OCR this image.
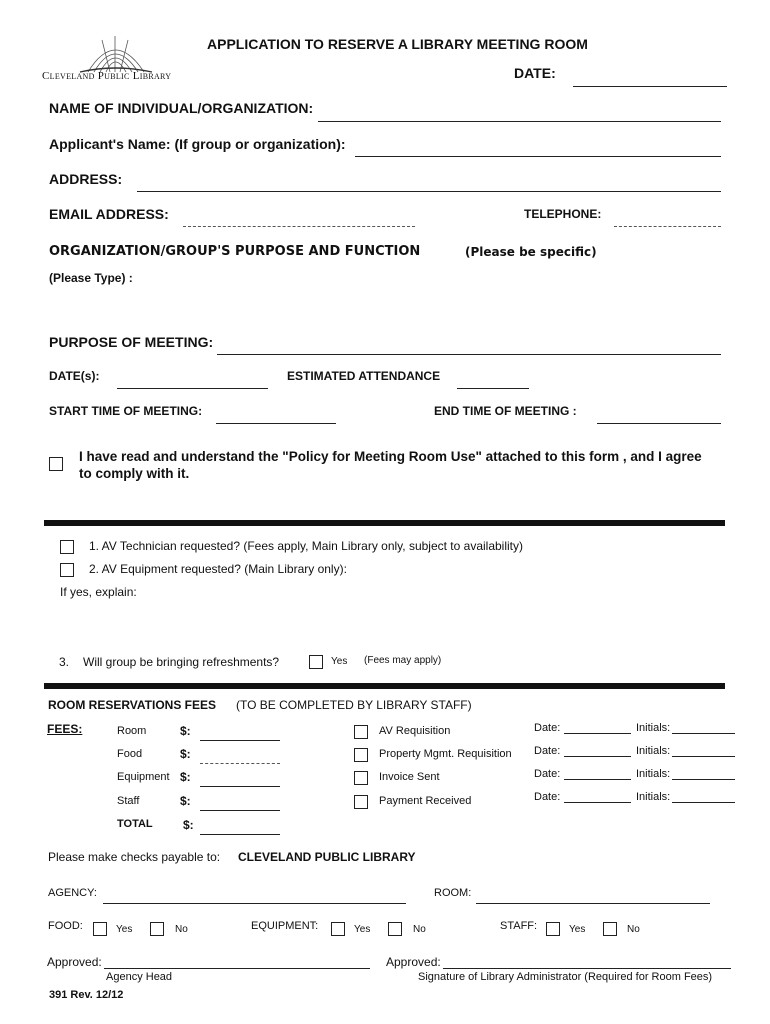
Cleveland Public Library
APPLICATION TO RESERVE A LIBRARY MEETING ROOM
DATE:
NAME OF INDIVIDUAL/ORGANIZATION:
Applicant's Name: (If group or organization):
ADDRESS:
EMAIL ADDRESS:	TELEPHONE:
ORGANIZATION/GROUP'S PURPOSE AND FUNCTION	(Please be specific)
(Please Type) :
PURPOSE OF MEETING:
DATE(s):	ESTIMATED ATTENDANCE
START TIME OF MEETING:	END TIME OF MEETING :
I have read and understand the "Policy for Meeting Room Use" attached to this form , and I agree
to comply with it.
1. AV Technician requested? (Fees apply, Main Library only, subject to availability)
2. AV Equipment requested? (Main Library only):
If yes, explain:
3. Will group be bringing refreshments?	Yes (Fees may apply)
ROOM RESERVATIONS FEES (TO BE COMPLETED BY LIBRARY STAFF)
FEES:	Room	$:	AV Requisition	Date:	Initials:
Food	$:	Property Mgmt. Requisition Date:	Initials:
Equipment $:	Invoice Sent	Date:	Initials:
Staff	$:	Payment Received	Date:	Initials:
TOTAL	$:
Please make checks payable to: CLEVELAND PUBLIC LIBRARY
AGENCY:	ROOM:
FOOD:	Yes	No	EQUIPMENT:	Yes	No	STAFF:	Yes	No
Approved:	Approved:
Agency Head	Signature of Library Administrator (Required for Room Fees)
391 Rev. 12/12
